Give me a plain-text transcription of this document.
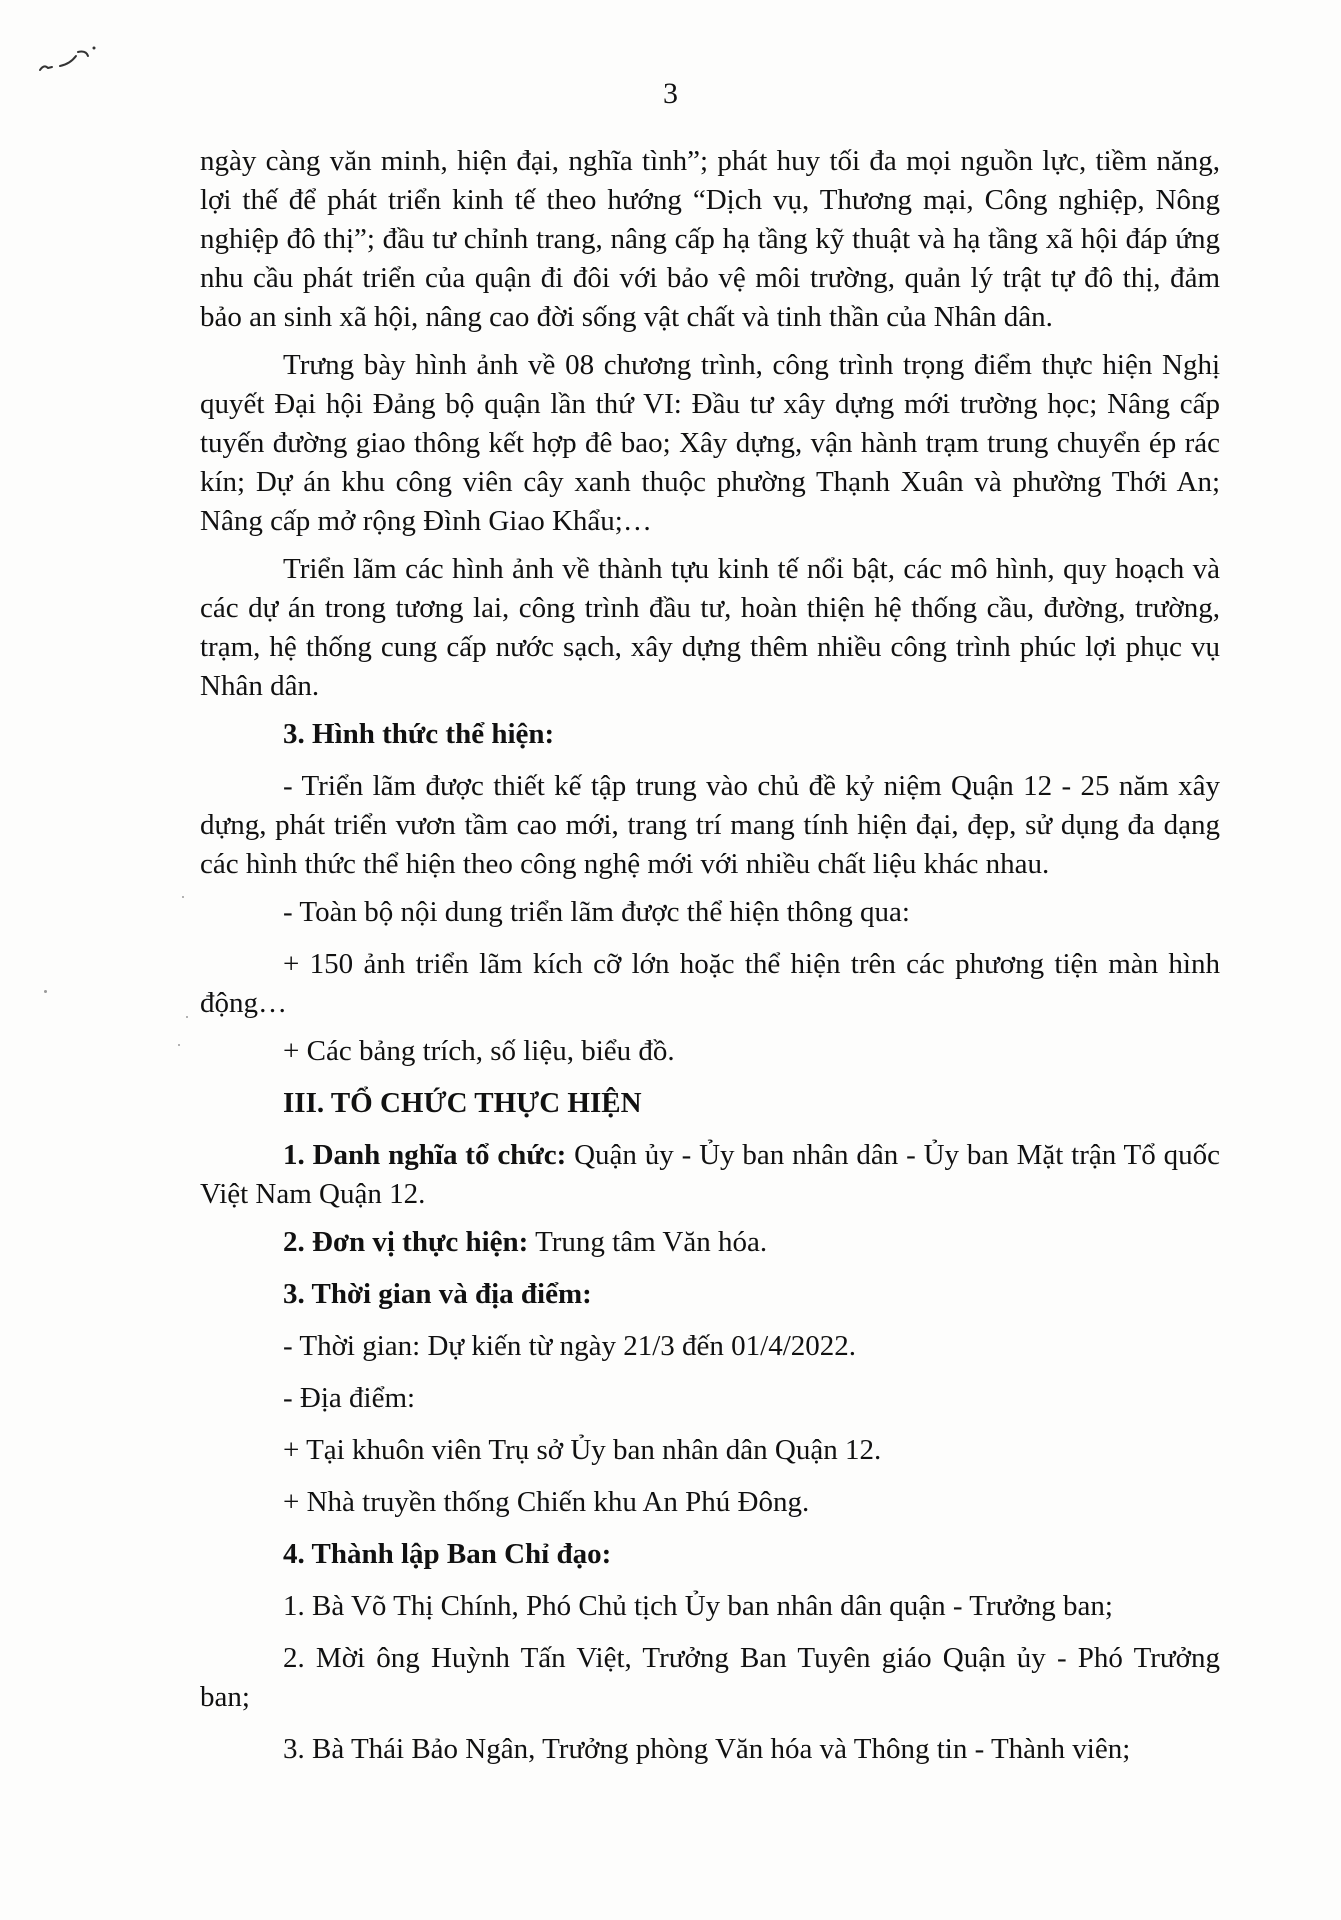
3

ngày càng văn minh, hiện đại, nghĩa tình”; phát huy tối đa mọi nguồn lực, tiềm năng, lợi thế để phát triển kinh tế theo hướng “Dịch vụ, Thương mại, Công nghiệp, Nông nghiệp đô thị”; đầu tư chỉnh trang, nâng cấp hạ tầng kỹ thuật và hạ tầng xã hội đáp ứng nhu cầu phát triển của quận đi đôi với bảo vệ môi trường, quản lý trật tự đô thị, đảm bảo an sinh xã hội, nâng cao đời sống vật chất và tinh thần của Nhân dân.

Trưng bày hình ảnh về 08 chương trình, công trình trọng điểm thực hiện Nghị quyết Đại hội Đảng bộ quận lần thứ VI: Đầu tư xây dựng mới trường học; Nâng cấp tuyến đường giao thông kết hợp đê bao; Xây dựng, vận hành trạm trung chuyển ép rác kín; Dự án khu công viên cây xanh thuộc phường Thạnh Xuân và phường Thới An; Nâng cấp mở rộng Đình Giao Khẩu;…

Triển lãm các hình ảnh về thành tựu kinh tế nổi bật, các mô hình, quy hoạch và các dự án trong tương lai, công trình đầu tư, hoàn thiện hệ thống cầu, đường, trường, trạm, hệ thống cung cấp nước sạch, xây dựng thêm nhiều công trình phúc lợi phục vụ Nhân dân.

3. Hình thức thể hiện:

- Triển lãm được thiết kế tập trung vào chủ đề kỷ niệm Quận 12 - 25 năm xây dựng, phát triển vươn tầm cao mới, trang trí mang tính hiện đại, đẹp, sử dụng đa dạng các hình thức thể hiện theo công nghệ mới với nhiều chất liệu khác nhau.

- Toàn bộ nội dung triển lãm được thể hiện thông qua:

+ 150 ảnh triển lãm kích cỡ lớn hoặc thể hiện trên các phương tiện màn hình động…

+ Các bảng trích, số liệu, biểu đồ.

III. TỔ CHỨC THỰC HIỆN

1. Danh nghĩa tổ chức: Quận ủy - Ủy ban nhân dân - Ủy ban Mặt trận Tổ quốc Việt Nam Quận 12.

2. Đơn vị thực hiện: Trung tâm Văn hóa.

3. Thời gian và địa điểm:

- Thời gian: Dự kiến từ ngày 21/3 đến 01/4/2022.

- Địa điểm:

+ Tại khuôn viên Trụ sở Ủy ban nhân dân Quận 12.

+ Nhà truyền thống Chiến khu An Phú Đông.

4. Thành lập Ban Chỉ đạo:

1. Bà Võ Thị Chính, Phó Chủ tịch Ủy ban nhân dân quận - Trưởng ban;

2. Mời ông Huỳnh Tấn Việt, Trưởng Ban Tuyên giáo Quận ủy - Phó Trưởng ban;

3. Bà Thái Bảo Ngân, Trưởng phòng Văn hóa và Thông tin - Thành viên;
